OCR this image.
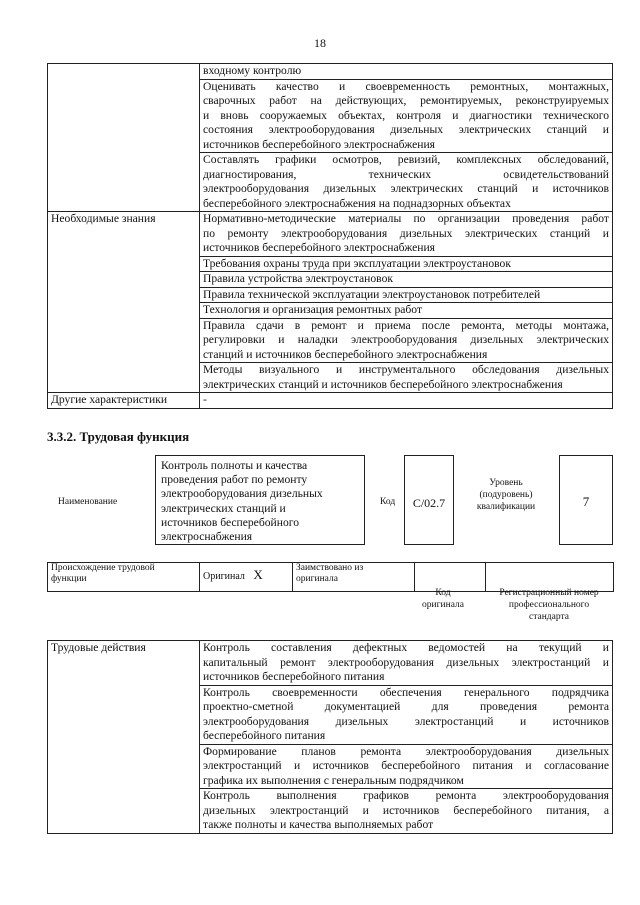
18

	входному контролю

	Оценивать качество и своевременность ремонтных, монтажных,
сварочных работ на действующих, ремонтируемых, реконструируемых
и вновь сооружаемых объектах, контроля и диагностики технического
состояния электрооборудования дизельных электрических станций и
источников бесперебойного электроснабжения

	Составлять графики осмотров, ревизий, комплексных обследований,
диагностирования, технических освидетельствований
электрооборудования дизельных электрических станций и источников
бесперебойного электроснабжения на поднадзорных объектах

Необходимые знания	Нормативно-методические материалы по организации проведения работ
по ремонту электрооборудования дизельных электрических станций и
источников бесперебойного электроснабжения

	Требования охраны труда при эксплуатации электроустановок
	Правила устройства электроустановок
	Правила технической эксплуатации электроустановок потребителей
	Технология и организация ремонтных работ

	Правила сдачи в ремонт и приема после ремонта, методы монтажа,
регулировки и наладки электрооборудования дизельных электрических
станций и источников бесперебойного электроснабжения

	Методы визуального и инструментального обследования дизельных
электрических станций и источников бесперебойного электроснабжения

Другие характеристики	-
3.3.2. Трудовая функция
Наименование
Контроль полноты и качества
проведения работ по ремонту
электрооборудования дизельных
электрических станций и
источников бесперебойного
электроснабжения
Код	C/02.7
Уровень
(подуровень)
квалификации	7
Происхождение трудовой
функции	Оригинал X	Заимствовано из
оригинала

Код
оригинала
Регистрационный номер
профессионального
стандарта
Трудовые действия	Контроль составления дефектных ведомостей на текущий и
капитальный ремонт электрооборудования дизельных электростанций и
источников бесперебойного питания

Контроль своевременности обеспечения генерального подрядчика
проектно-сметной документацией для проведения ремонта
электрооборудования дизельных электростанций и источников
бесперебойного питания

Формирование планов ремонта электрооборудования дизельных
электростанций и источников бесперебойного питания и согласование
графика их выполнения с генеральным подрядчиком

Контроль выполнения графиков ремонта электрооборудования
дизельных электростанций и источников бесперебойного питания, а
также полноты и качества выполняемых работ
